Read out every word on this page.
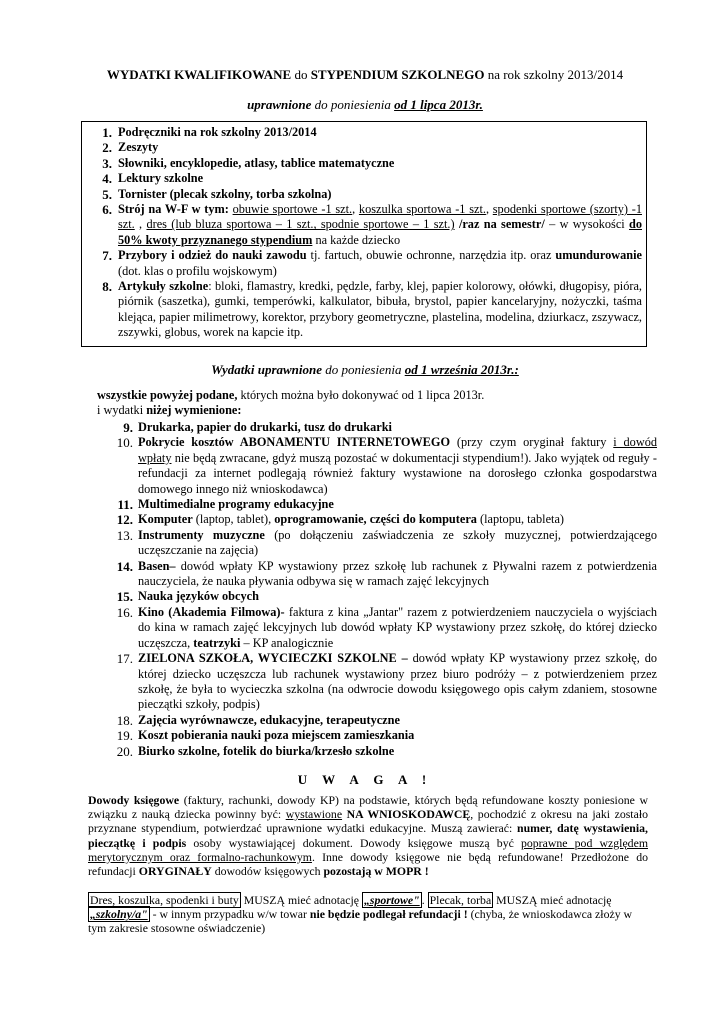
WYDATKI KWALIFIKOWANE do STYPENDIUM SZKOLNEGO na rok szkolny 2013/2014
uprawnione do poniesienia od 1 lipca 2013r.
1. Podręczniki na rok szkolny 2013/2014
2. Zeszyty
3. Słowniki, encyklopedie, atlasy, tablice matematyczne
4. Lektury szkolne
5. Tornister (plecak szkolny, torba szkolna)
6. Strój na W-F w tym: obuwie sportowe -1 szt., koszulka sportowa -1 szt., spodenki sportowe (szorty) -1 szt. , dres (lub bluza sportowa – 1 szt., spodnie sportowe – 1 szt.) /raz na semestr/ – w wysokości do 50% kwoty przyznanego stypendium na każde dziecko
7. Przybory i odzież do nauki zawodu tj. fartuch, obuwie ochronne, narzędzia itp. oraz umundurowanie (dot. klas o profilu wojskowym)
8. Artykuły szkolne: bloki, flamastry, kredki, pędzle, farby, klej, papier kolorowy, ołówki, długopisy, pióra, piórnik (saszetka), gumki, temperówki, kalkulator, bibuła, brystol, papier kancelaryjny, nożyczki, taśma klejąca, papier milimetrowy, korektor, przybory geometryczne, plastelina, modelina, dziurkacz, zszywacz, zszywki, globus, worek na kapcie itp.
Wydatki uprawnione do poniesienia od 1 września 2013r.:
wszystkie powyżej podane, których można było dokonywać od 1 lipca 2013r.
i wydatki niżej wymienione:
9. Drukarka, papier do drukarki, tusz do drukarki
10. Pokrycie kosztów ABONAMENTU INTERNETOWEGO (przy czym oryginał faktury i dowód wpłaty nie będą zwracane, gdyż muszą pozostać w dokumentacji stypendium!). Jako wyjątek od reguły - refundacji za internet podlegają również faktury wystawione na dorosłego członka gospodarstwa domowego innego niż wnioskodawca)
11. Multimedialne programy edukacyjne
12. Komputer (laptop, tablet), oprogramowanie, części do komputera (laptopu, tableta)
13. Instrumenty muzyczne (po dołączeniu zaświadczenia ze szkoły muzycznej, potwierdzającego uczęszczanie na zajęcia)
14. Basen– dowód wpłaty KP wystawiony przez szkołę lub rachunek z Pływalni razem z potwierdzenia nauczyciela, że nauka pływania odbywa się w ramach zajęć lekcyjnych
15. Nauka języków obcych
16. Kino (Akademia Filmowa)- faktura z kina „Jantar" razem z potwierdzeniem nauczyciela o wyjściach do kina w ramach zajęć lekcyjnych lub dowód wpłaty KP wystawiony przez szkołę, do której dziecko uczęszcza, teatrzyki – KP analogicznie
17. ZIELONA SZKOŁA, WYCIECZKI SZKOLNE – dowód wpłaty KP wystawiony przez szkołę, do której dziecko uczęszcza lub rachunek wystawiony przez biuro podróży – z potwierdzeniem przez szkołę, że była to wycieczka szkolna (na odwrocie dowodu księgowego opis całym zdaniem, stosowne pieczątki szkoły, podpis)
18. Zajęcia wyrównawcze, edukacyjne, terapeutyczne
19. Koszt pobierania nauki poza miejscem zamieszkania
20. Biurko szkolne, fotelik do biurka/krzesło szkolne
U W A G A !
Dowody księgowe (faktury, rachunki, dowody KP) na podstawie, których będą refundowane koszty poniesione w związku z nauką dziecka powinny być: wystawione NA WNIOSKODAWCĘ, pochodzić z okresu na jaki zostało przyznane stypendium, potwierdzać uprawnione wydatki edukacyjne. Muszą zawierać: numer, datę wystawienia, pieczątkę i podpis osoby wystawiającej dokument. Dowody księgowe muszą być poprawne pod względem merytorycznym oraz formalno-rachunkowym. Inne dowody księgowe nie będą refundowane! Przedłożone do refundacji ORYGINAŁY dowodów księgowych pozostają w MOPR !
Dres, koszulka, spodenki i buty MUSZĄ mieć adnotację „sportowe" . Plecak, torba MUSZĄ mieć adnotację „szkolny/a" - w innym przypadku w/w towar nie będzie podlegał refundacji ! (chyba, że wnioskodawca złoży w tym zakresie stosowne oświadczenie)
